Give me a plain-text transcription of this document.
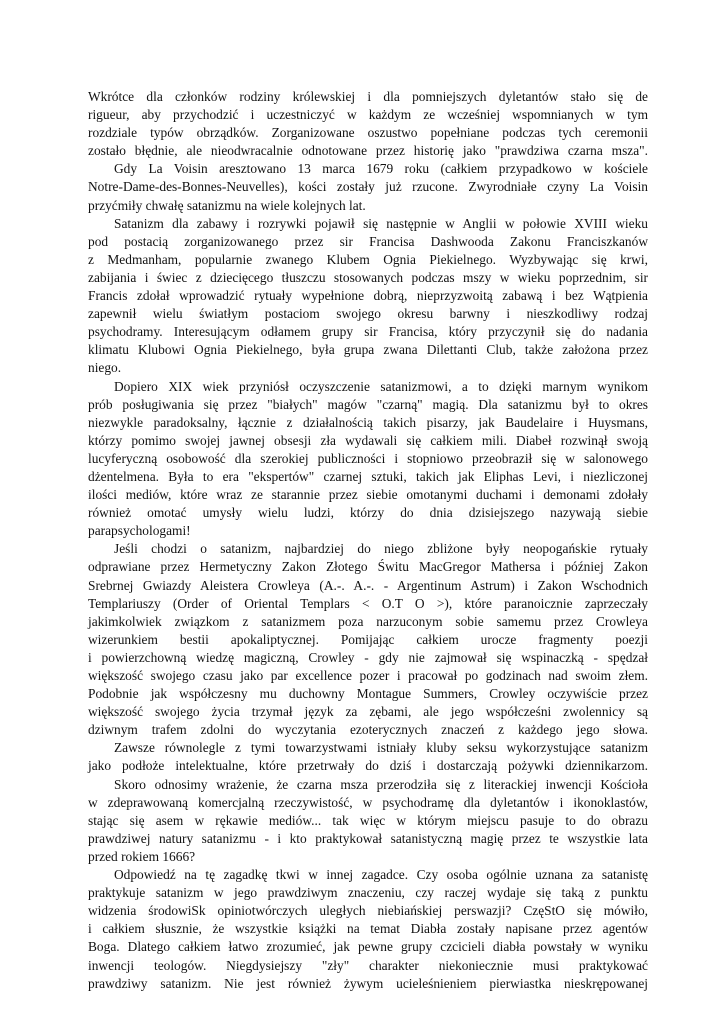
Wkrótce dla członków rodziny królewskiej i dla pomniejszych dyletantów stało się de
rigueur, aby przychodzić i uczestniczyć w każdym ze wcześniej wspomnianych w tym
rozdziale typów obrządków. Zorganizowane oszustwo popełniane podczas tych ceremonii
zostało błędnie, ale nieodwracalnie odnotowane przez historię jako "prawdziwa czarna msza".
Gdy La Voisin aresztowano 13 marca 1679 roku (całkiem przypadkowo w kościele
Notre-Dame-des-Bonnes-Neuvelles), kości zostały już rzucone. Zwyrodniałe czyny La Voisin
przyćmiły chwałę satanizmu na wiele kolejnych lat.
Satanizm dla zabawy i rozrywki pojawił się następnie w Anglii w połowie XVIII wieku
pod postacią zorganizowanego przez sir Francisa Dashwooda Zakonu Franciszkanów
z Medmanham, popularnie zwanego Klubem Ognia Piekielnego. Wyzbywając się krwi,
zabijania i świec z dziecięcego tłuszczu stosowanych podczas mszy w wieku poprzednim, sir
Francis zdołał wprowadzić rytuały wypełnione dobrą, nieprzyzwoitą zabawą i bez Wątpienia
zapewnił wielu światłym postaciom swojego okresu barwny i nieszkodliwy rodzaj
psychodramy. Interesującym odłamem grupy sir Francisa, który przyczynił się do nadania
klimatu Klubowi Ognia Piekielnego, była grupa zwana Dilettanti Club, także założona przez
niego.
Dopiero XIX wiek przyniósł oczyszczenie satanizmowi, a to dzięki marnym wynikom
prób posługiwania się przez "białych" magów "czarną" magią. Dla satanizmu był to okres
niezwykle paradoksalny, łącznie z działalnością takich pisarzy, jak Baudelaire i Huysmans,
którzy pomimo swojej jawnej obsesji zła wydawali się całkiem mili. Diabeł rozwinął swoją
lucyferyczną osobowość dla szerokiej publiczności i stopniowo przeobraził się w salonowego
dżentelmena. Była to era "ekspertów" czarnej sztuki, takich jak Eliphas Levi, i niezliczonej
ilości mediów, które wraz ze starannie przez siebie omotanymi duchami i demonami zdołały
również omotać umysły wielu ludzi, którzy do dnia dzisiejszego nazywają siebie
parapsychologami!
Jeśli chodzi o satanizm, najbardziej do niego zbliżone były neopogańskie rytuały
odprawiane przez Hermetyczny Zakon Złotego Świtu MacGregor Mathersa i później Zakon
Srebrnej Gwiazdy Aleistera Crowleya (A.-. A.-. - Argentinum Astrum) i Zakon Wschodnich
Templariuszy (Order of Oriental Templars < O.T O >), które paranoicznie zaprzeczały
jakimkolwiek związkom z satanizmem poza narzuconym sobie samemu przez Crowleya
wizerunkiem bestii apokaliptycznej. Pomijając całkiem urocze fragmenty poezji
i powierzchowną wiedzę magiczną, Crowley - gdy nie zajmował się wspinaczką - spędzał
większość swojego czasu jako par excellence pozer i pracował po godzinach nad swoim złem.
Podobnie jak współczesny mu duchowny Montague Summers, Crowley oczywiście przez
większość swojego życia trzymał język za zębami, ale jego współcześni zwolennicy są
dziwnym trafem zdolni do wyczytania ezoterycznych znaczeń z każdego jego słowa.
Zawsze równolegle z tymi towarzystwami istniały kluby seksu wykorzystujące satanizm
jako podłoże intelektualne, które przetrwały do dziś i dostarczają pożywki dziennikarzom.
Skoro odnosimy wrażenie, że czarna msza przerodziła się z literackiej inwencji Kościoła
w zdeprawowaną komercjalną rzeczywistość, w psychodramę dla dyletantów i ikonoklastów,
stając się asem w rękawie mediów... tak więc w którym miejscu pasuje to do obrazu
prawdziwej natury satanizmu - i kto praktykował satanistyczną magię przez te wszystkie lata
przed rokiem 1666?
Odpowiedź na tę zagadkę tkwi w innej zagadce. Czy osoba ogólnie uznana za satanistę
praktykuje satanizm w jego prawdziwym znaczeniu, czy raczej wydaje się taką z punktu
widzenia środowiSk opiniotwórczych uległych niebiańskiej perswazji? CzęStO się mówiło,
i całkiem słusznie, że wszystkie książki na temat Diabła zostały napisane przez agentów
Boga. Dlatego całkiem łatwo zrozumieć, jak pewne grupy czcicieli diabła powstały w wyniku
inwencji teologów. Niegdysiejszy "zły" charakter niekoniecznie musi praktykować
prawdziwy satanizm. Nie jest również żywym ucieleśnieniem pierwiastka nieskrępowanej
